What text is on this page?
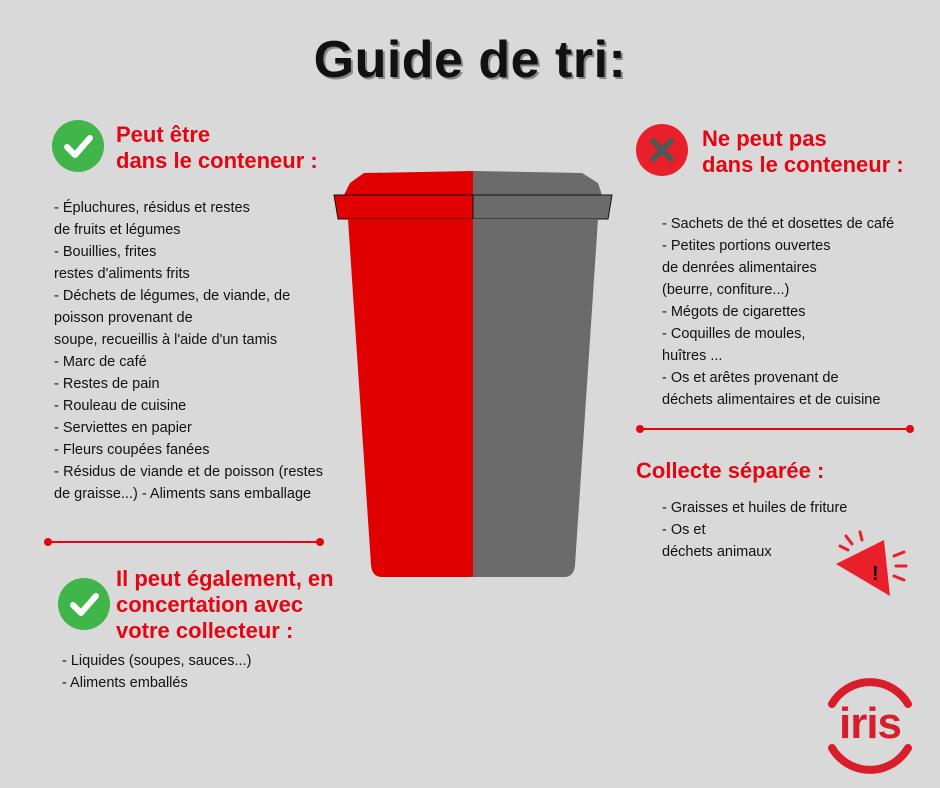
Guide de tri:
Peut être
dans le conteneur :
- Épluchures, résidus et restes
de fruits et légumes
- Bouillies, frites
restes d'aliments frits
- Déchets de légumes, de viande, de poisson provenant de
soupe, recueillis à l'aide d'un tamis
- Marc de café
- Restes de pain
- Rouleau de cuisine
- Serviettes en papier
- Fleurs coupées fanées
- Résidus de viande et de poisson (restes de graisse...) - Aliments sans emballage
Il peut également, en
concertation avec
votre collecteur :
- Liquides (soupes, sauces...)
- Aliments emballés
Ne peut pas
dans le conteneur :
- Sachets de thé et dosettes de café
- Petites portions ouvertes
de denrées alimentaires
(beurre, confiture...)
- Mégots de cigarettes
- Coquilles de moules,
huîtres ...
- Os et arêtes provenant de
déchets alimentaires et de cuisine
Collecte séparée :
- Graisses et huiles de friture
- Os et
déchets animaux
!
iris
